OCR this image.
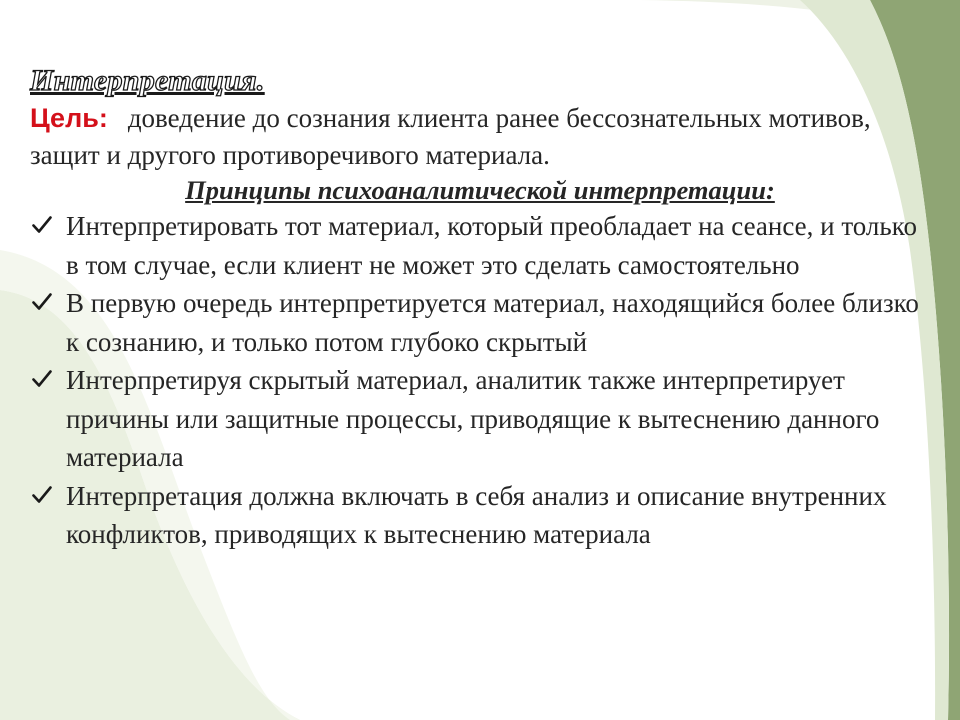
Интерпретация.
Цель: доведение до сознания клиента ранее бессознательных мотивов, защит и другого противоречивого материала.
Принципы психоаналитической интерпретации:
Интерпретировать тот материал, который преобладает на сеансе, и только в том случае, если клиент не может это сделать самостоятельно
В первую очередь интерпретируется материал, находящийся более близко к сознанию, и только потом глубоко скрытый
Интерпретируя скрытый материал, аналитик также интерпретирует причины или защитные процессы, приводящие к вытеснению данного материала
Интерпретация должна включать в себя анализ и описание внутренних конфликтов, приводящих к вытеснению материала
